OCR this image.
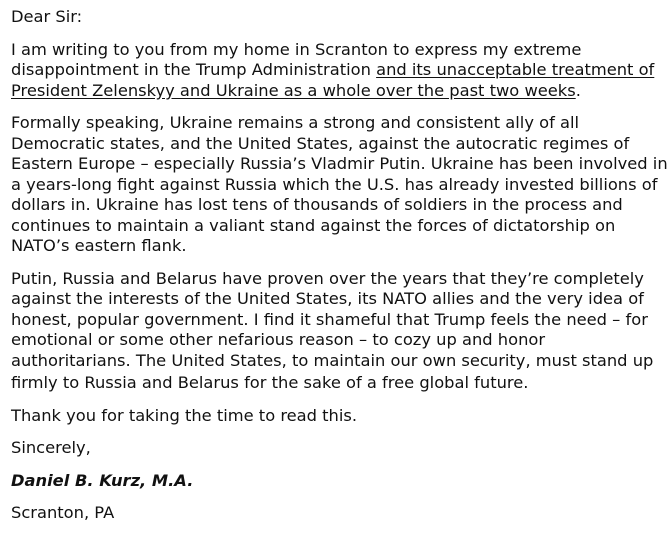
Dear Sir:

I am writing to you from my home in Scranton to express my extreme disappointment in the Trump Administration and its unacceptable treatment of President Zelenskyy and Ukraine as a whole over the past two weeks.

Formally speaking, Ukraine remains a strong and consistent ally of all Democratic states, and the United States, against the autocratic regimes of Eastern Europe – especially Russia’s Vladmir Putin. Ukraine has been involved in a years-long fight against Russia which the U.S. has already invested billions of dollars in. Ukraine has lost tens of thousands of soldiers in the process and continues to maintain a valiant stand against the forces of dictatorship on NATO’s eastern flank.

Putin, Russia and Belarus have proven over the years that they’re completely against the interests of the United States, its NATO allies and the very idea of honest, popular government. I find it shameful that Trump feels the need – for emotional or some other nefarious reason – to cozy up and honor authoritarians. The United States, to maintain our own security, must stand up firmly to Russia and Belarus for the sake of a free global future.

Thank you for taking the time to read this.

Sincerely,

Daniel B. Kurz, M.A.

Scranton, PA
